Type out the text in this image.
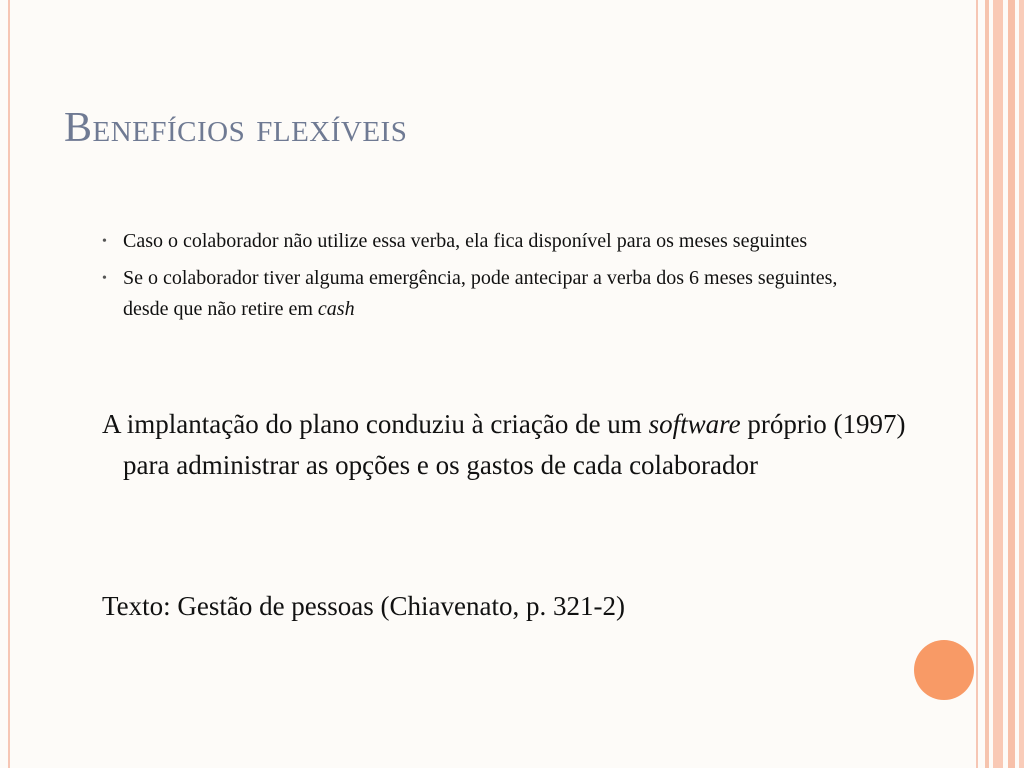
Benefícios flexíveis
• Caso o colaborador não utilize essa verba, ela fica disponível para os meses seguintes
• Se o colaborador tiver alguma emergência, pode antecipar a verba dos 6 meses seguintes, desde que não retire em cash

A implantação do plano conduziu à criação de um software próprio (1997) para administrar as opções e os gastos de cada colaborador

Texto: Gestão de pessoas (Chiavenato, p. 321-2)
